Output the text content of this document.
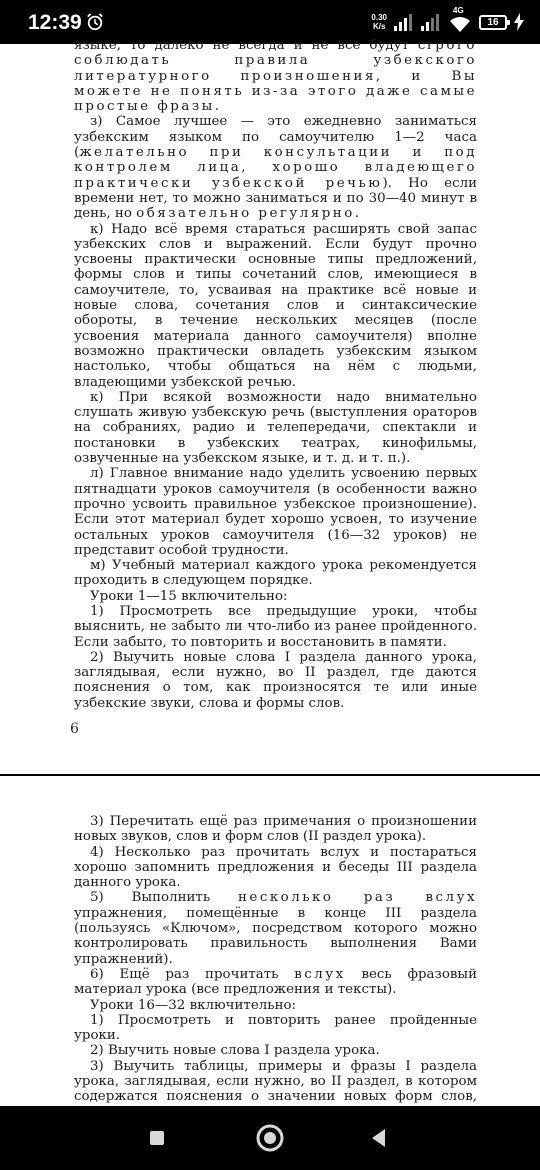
12:39	0.30
K/s
4G
16
языке, то далеко не всегда и не все будут строго соблюдать правила узбекского литературного произношения, и Вы можете не понять из-за этого даже самые простые фразы.
з) Самое лучшее — это ежедневно заниматься узбекским языком по самоучителю 1—2 часа (желательно при консультации и под контролем лица, хорошо владеющего практически узбекской речью). Но если времени нет, то можно заниматься и по 30—40 минут в день, но обязательно регулярно.
к) Надо всё время стараться расширять свой запас узбекских слов и выражений. Если будут прочно усвоены практически основные типы предложений, формы слов и типы сочетаний слов, имеющиеся в самоучителе, то, усваивая на практике всё новые и новые слова, сочетания слов и синтаксические обороты, в течение нескольких месяцев (после усвоения материала данного самоучителя) вполне возможно практически овладеть узбекским языком настолько, чтобы общаться на нём с людьми, владеющими узбекской речью.
к) При всякой возможности надо внимательно слушать живую узбекскую речь (выступления ораторов на собраниях, радио и телепередачи, спектакли и постановки в узбекских театрах, кинофильмы, озвученные на узбекском языке, и т. д. и т. п.).
л) Главное внимание надо уделить усвоению первых пятнадцати уроков самоучителя (в особенности важно прочно усвоить правильное узбекское произношение). Если этот материал будет хорошо усвоен, то изучение остальных уроков самоучителя (16—32 уроков) не представит особой трудности.
м) Учебный материал каждого урока рекомендуется проходить в следующем порядке.
Уроки 1—15 включительно:
1) Просмотреть все предыдущие уроки, чтобы выяснить, не забыто ли что-либо из ранее пройденного. Если забыто, то повторить и восстановить в памяти.
2) Выучить новые слова I раздела данного урока, заглядывая, если нужно, во II раздел, где даются пояснения о том, как произносятся те или иные узбекские звуки, слова и формы слов.
6
3) Перечитать ещё раз примечания о произношении новых звуков, слов и форм слов (II раздел урока).
4) Несколько раз прочитать вслух и постараться хорошо запомнить предложения и беседы III раздела данного урока.
5) Выполнить несколько раз вслух упражнения, помещённые в конце III раздела (пользуясь «Ключом», посредством которого можно контролировать правильность выполнения Вами упражнений).
6) Ещё раз прочитать вслух весь фразовый материал урока (все предложения и тексты).
Уроки 16—32 включительно:
1) Просмотреть и повторить ранее пройденные уроки.
2) Выучить новые слова I раздела урока.
3) Выучить таблицы, примеры и фразы I раздела урока, заглядывая, если нужно, во II раздел, в котором содержатся пояснения о значении новых форм слов,
